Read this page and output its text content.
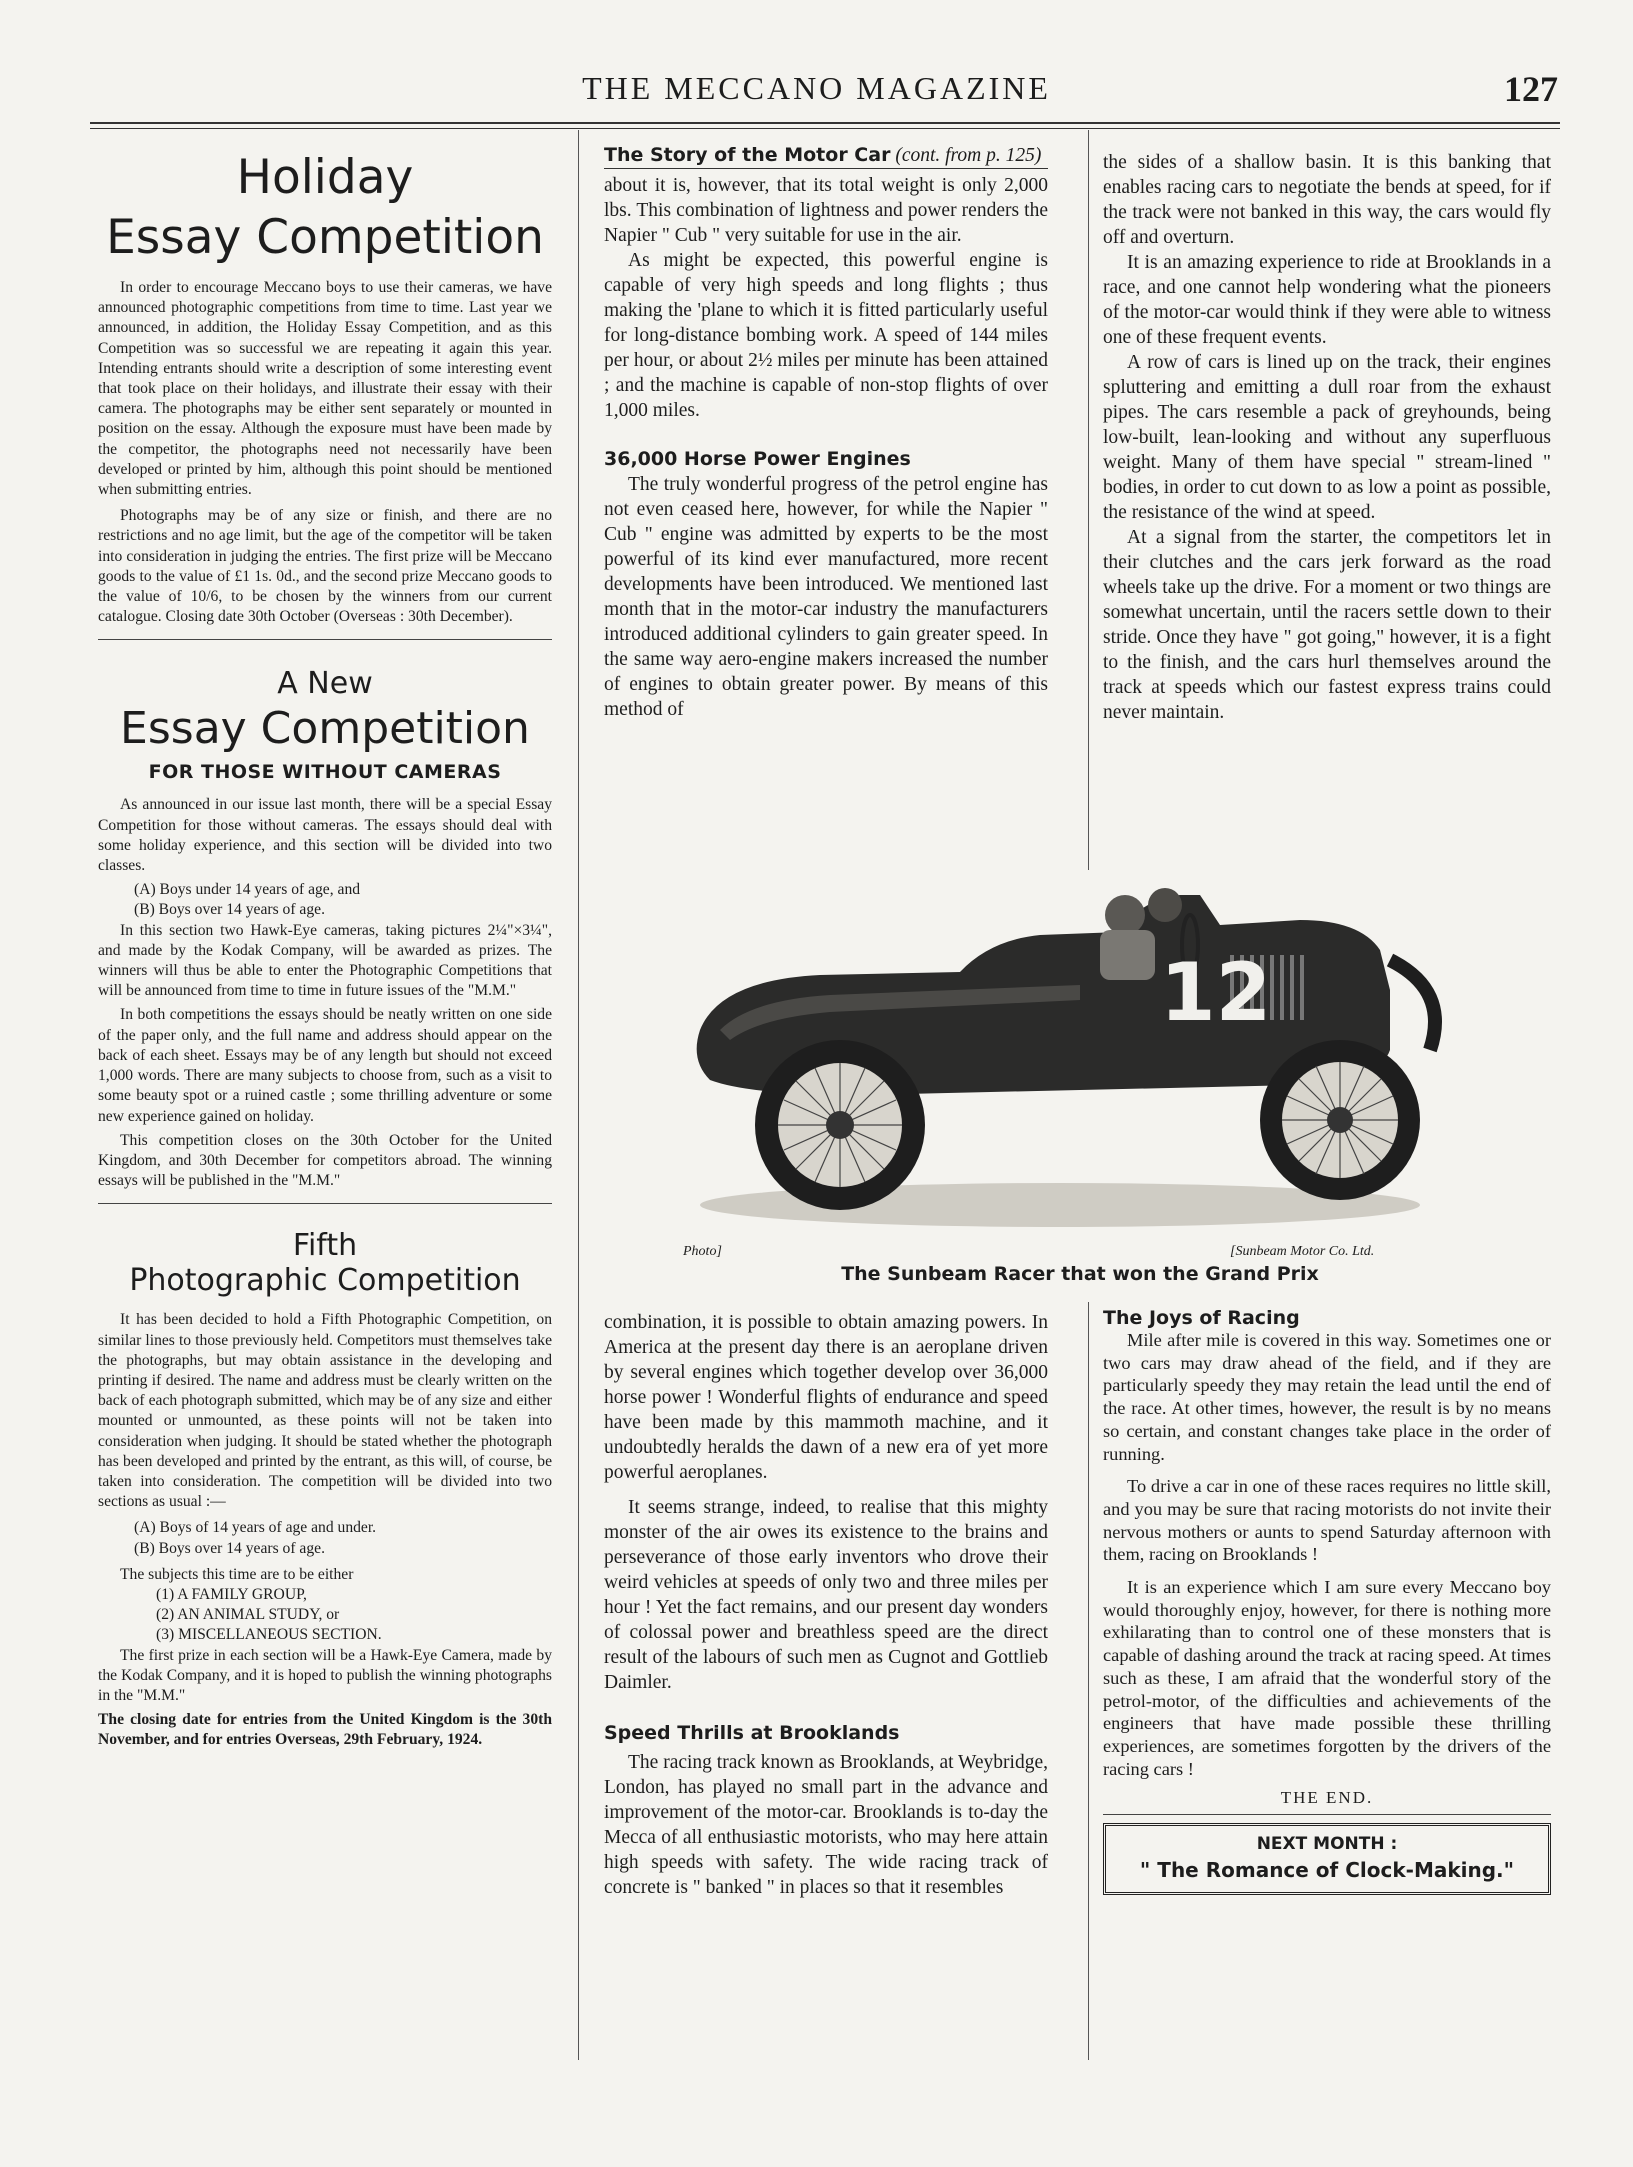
THE MECCANO MAGAZINE	127
Holiday
Essay Competition

In order to encourage Meccano boys to use their cameras, we have announced photographic competitions from time to time. Last year we announced, in addition, the Holiday Essay Competition, and as this Competition was so successful we are repeating it again this year. Intending entrants should write a description of some interesting event that took place on their holidays, and illustrate their essay with their camera. The photographs may be either sent separately or mounted in position on the essay. Although the exposure must have been made by the competitor, the photographs need not necessarily have been developed or printed by him, although this point should be mentioned when submitting entries.

Photographs may be of any size or finish, and there are no restrictions and no age limit, but the age of the competitor will be taken into consideration in judging the entries. The first prize will be Meccano goods to the value of £1 1s. 0d., and the second prize Meccano goods to the value of 10/6, to be chosen by the winners from our current catalogue. Closing date 30th October (Overseas : 30th December).

A New
Essay Competition
FOR THOSE WITHOUT CAMERAS

As announced in our issue last month, there will be a special Essay Competition for those without cameras. The essays should deal with some holiday experience, and this section will be divided into two classes.

(A) Boys under 14 years of age, and

(B) Boys over 14 years of age.

In this section two Hawk-Eye cameras, taking pictures 2¼"×3¼", and made by the Kodak Company, will be awarded as prizes. The winners will thus be able to enter the Photographic Competitions that will be announced from time to time in future issues of the "M.M."

In both competitions the essays should be neatly written on one side of the paper only, and the full name and address should appear on the back of each sheet. Essays may be of any length but should not exceed 1,000 words. There are many subjects to choose from, such as a visit to some beauty spot or a ruined castle ; some thrilling adventure or some new experience gained on holiday.

This competition closes on the 30th October for the United Kingdom, and 30th December for competitors abroad. The winning essays will be published in the "M.M."

Fifth
Photographic Competition

It has been decided to hold a Fifth Photographic Competition, on similar lines to those previously held. Competitors must themselves take the photographs, but may obtain assistance in the developing and printing if desired. The name and address must be clearly written on the back of each photograph submitted, which may be of any size and either mounted or unmounted, as these points will not be taken into consideration when judging. It should be stated whether the photograph has been developed and printed by the entrant, as this will, of course, be taken into consideration. The competition will be divided into two sections as usual :—

(A) Boys of 14 years of age and under.

(B) Boys over 14 years of age.

The subjects this time are to be either

(1) A FAMILY GROUP,

(2) AN ANIMAL STUDY, or

(3) MISCELLANEOUS SECTION.

The first prize in each section will be a Hawk-Eye Camera, made by the Kodak Company, and it is hoped to publish the winning photographs in the "M.M."

The closing date for entries from the United Kingdom is the 30th November, and for entries Overseas, 29th February, 1924.

The Story of the Motor Car (cont. from p. 125)

about it is, however, that its total weight is only 2,000 lbs. This combination of lightness and power renders the Napier " Cub " very suitable for use in the air.

As might be expected, this powerful engine is capable of very high speeds and long flights ; thus making the 'plane to which it is fitted particularly useful for long-distance bombing work. A speed of 144 miles per hour, or about 2½ miles per minute has been attained ; and the machine is capable of non-stop flights of over 1,000 miles.

36,000 Horse Power Engines

The truly wonderful progress of the petrol engine has not even ceased here, however, for while the Napier " Cub " engine was admitted by experts to be the most powerful of its kind ever manufactured, more recent developments have been introduced. We mentioned last month that in the motor-car industry the manufacturers introduced additional cylinders to gain greater speed. In the same way aero-engine makers increased the number of engines to obtain greater power. By means of this method of

the sides of a shallow basin. It is this banking that enables racing cars to negotiate the bends at speed, for if the track were not banked in this way, the cars would fly off and overturn.

It is an amazing experience to ride at Brooklands in a race, and one cannot help wondering what the pioneers of the motor-car would think if they were able to witness one of these frequent events.

A row of cars is lined up on the track, their engines spluttering and emitting a dull roar from the exhaust pipes. The cars resemble a pack of greyhounds, being low-built, lean-looking and without any superfluous weight. Many of them have special " stream-lined " bodies, in order to cut down to as low a point as possible, the resistance of the wind at speed.

At a signal from the starter, the competitors let in their clutches and the cars jerk forward as the road wheels take up the drive. For a moment or two things are somewhat uncertain, until the racers settle down to their stride. Once they have " got going," however, it is a fight to the finish, and the cars hurl themselves around the track at speeds which our fastest express trains could never maintain.

12
Photo]	[Sunbeam Motor Co. Ltd.
The Sunbeam Racer that won the Grand Prix

combination, it is possible to obtain amazing powers. In America at the present day there is an aeroplane driven by several engines which together develop over 36,000 horse power ! Wonderful flights of endurance and speed have been made by this mammoth machine, and it undoubtedly heralds the dawn of a new era of yet more powerful aeroplanes.

It seems strange, indeed, to realise that this mighty monster of the air owes its existence to the brains and perseverance of those early inventors who drove their weird vehicles at speeds of only two and three miles per hour ! Yet the fact remains, and our present day wonders of colossal power and breathless speed are the direct result of the labours of such men as Cugnot and Gottlieb Daimler.

Speed Thrills at Brooklands

The racing track known as Brooklands, at Weybridge, London, has played no small part in the advance and improvement of the motor-car. Brooklands is to-day the Mecca of all enthusiastic motorists, who may here attain high speeds with safety. The wide racing track of concrete is " banked " in places so that it resembles

The Joys of Racing

Mile after mile is covered in this way. Sometimes one or two cars may draw ahead of the field, and if they are particularly speedy they may retain the lead until the end of the race. At other times, however, the result is by no means so certain, and constant changes take place in the order of running.

To drive a car in one of these races requires no little skill, and you may be sure that racing motorists do not invite their nervous mothers or aunts to spend Saturday afternoon with them, racing on Brooklands !

It is an experience which I am sure every Meccano boy would thoroughly enjoy, however, for there is nothing more exhilarating than to control one of these monsters that is capable of dashing around the track at racing speed. At times such as these, I am afraid that the wonderful story of the petrol-motor, of the difficulties and achievements of the engineers that have made possible these thrilling experiences, are sometimes forgotten by the drivers of the racing cars !

THE END.
NEXT MONTH :
" The Romance of Clock-Making."
